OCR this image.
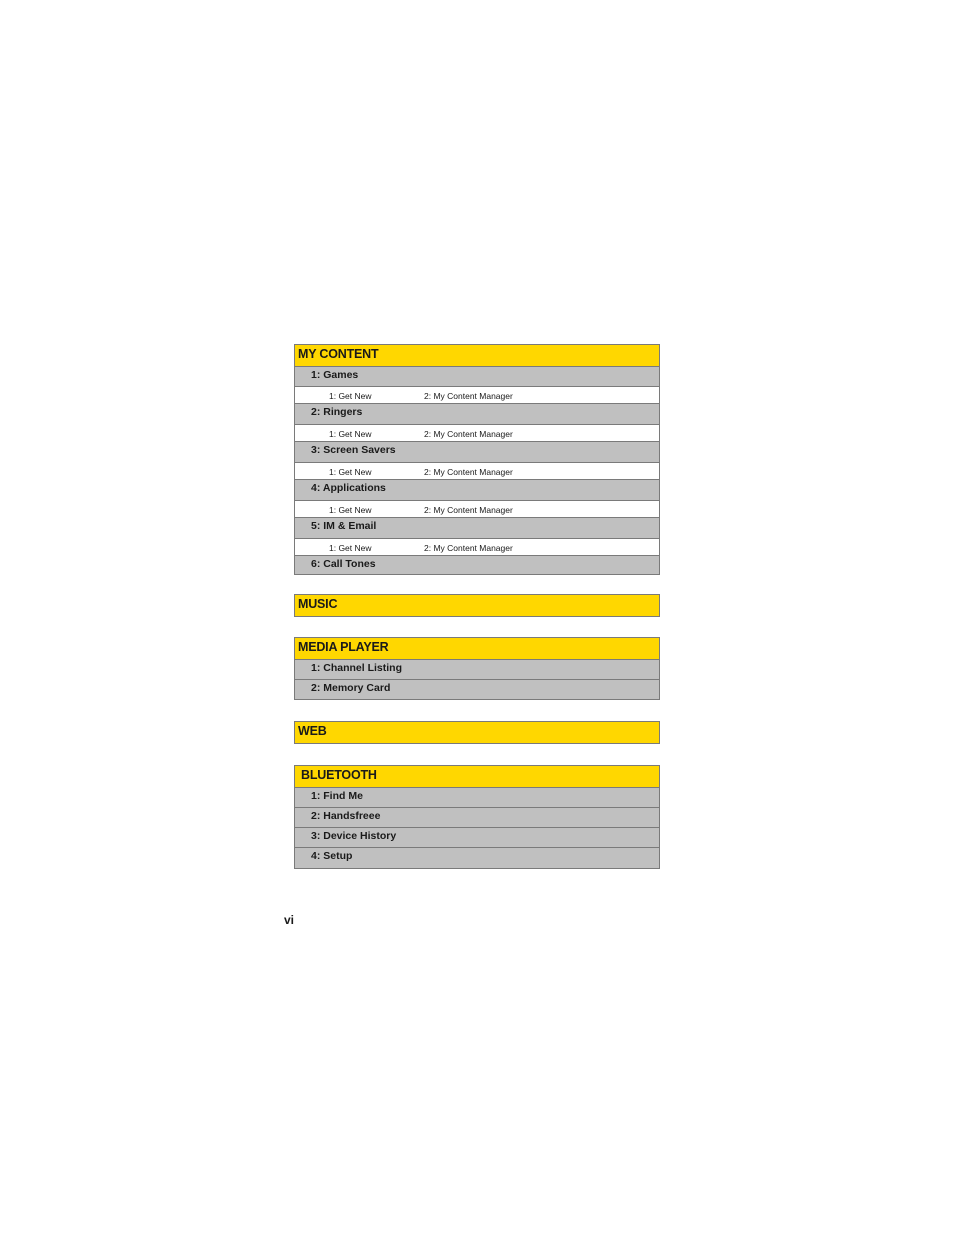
MY CONTENT
1: Games
1: Get New	2: My Content Manager
2: Ringers
1: Get New	2: My Content Manager
3: Screen Savers
1: Get New	2: My Content Manager
4: Applications
1: Get New	2: My Content Manager
5: IM & Email
1: Get New	2: My Content Manager
6: Call Tones
MUSIC
MEDIA PLAYER
1: Channel Listing
2: Memory Card
WEB
BLUETOOTH
1: Find Me
2: Handsfreee
3: Device History
4: Setup
vi
